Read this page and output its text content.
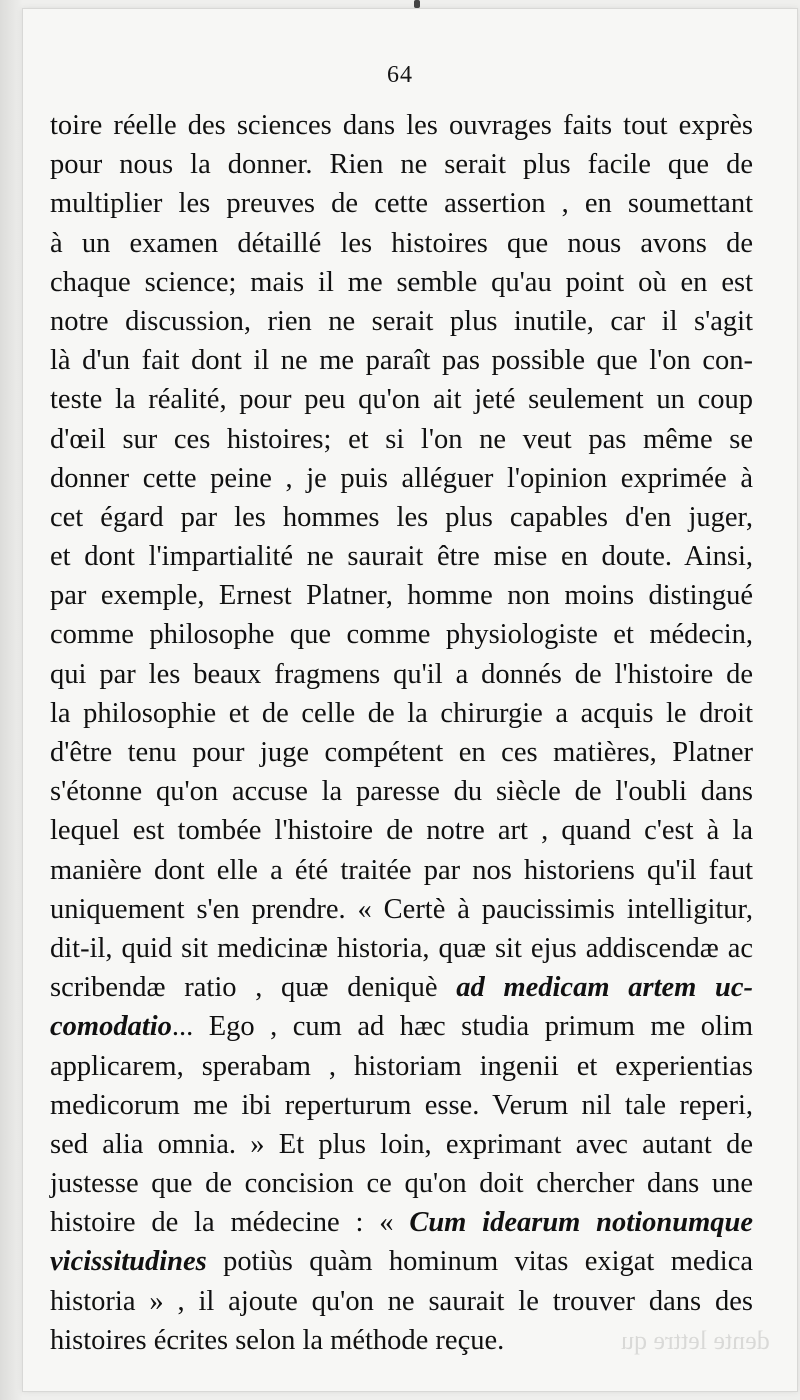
64
toire réelle des sciences dans les ouvrages faits tout exprès
pour nous la donner. Rien ne serait plus facile que de
multiplier les preuves de cette assertion , en soumettant
à un examen détaillé les histoires que nous avons de
chaque science; mais il me semble qu'au point où en est
notre discussion, rien ne serait plus inutile, car il s'agit
là d'un fait dont il ne me paraît pas possible que l'on con-
teste la réalité, pour peu qu'on ait jeté seulement un coup
d'œil sur ces histoires; et si l'on ne veut pas même se
donner cette peine , je puis alléguer l'opinion exprimée à
cet égard par les hommes les plus capables d'en juger,
et dont l'impartialité ne saurait être mise en doute. Ainsi,
par exemple, Ernest Platner, homme non moins distingué
comme philosophe que comme physiologiste et médecin,
qui par les beaux fragmens qu'il a donnés de l'histoire de
la philosophie et de celle de la chirurgie a acquis le droit
d'être tenu pour juge compétent en ces matières, Platner
s'étonne qu'on accuse la paresse du siècle de l'oubli dans
lequel est tombée l'histoire de notre art , quand c'est à la
manière dont elle a été traitée par nos historiens qu'il faut
uniquement s'en prendre. « Certè à paucissimis intelligitur,
dit-il, quid sit medicinæ historia, quæ sit ejus addiscendæ ac
scribendæ ratio , quæ deniquè ad medicam artem uc-
comodatio... Ego , cum ad hæc studia primum me olim
applicarem, sperabam , historiam ingenii et experientias
medicorum me ibi reperturum esse. Verum nil tale reperi,
sed alia omnia. » Et plus loin, exprimant avec autant de
justesse que de concision ce qu'on doit chercher dans une
histoire de la médecine : « Cum idearum notionumque
vicissitudines potiùs quàm hominum vitas exigat medica
historia » , il ajoute qu'on ne saurait le trouver dans des
histoires écrites selon la méthode reçue.	dente lettre qu
